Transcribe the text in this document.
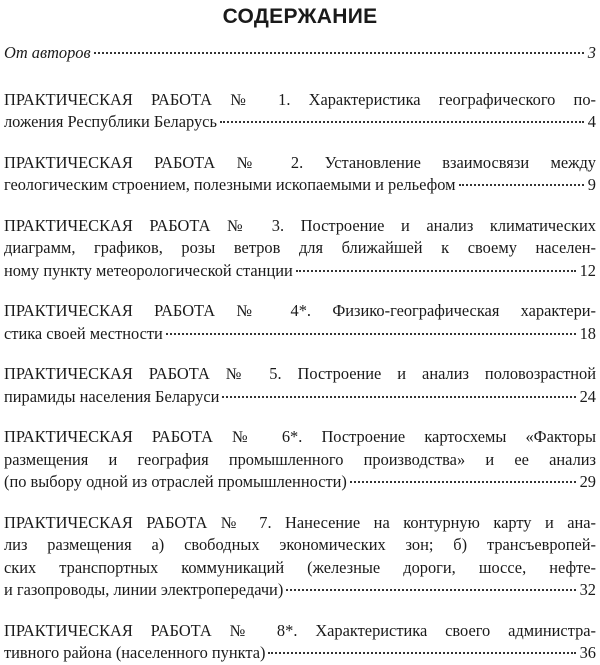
СОДЕРЖАНИЕ
От авторов	3
ПРАКТИЧЕСКАЯ РАБОТА № 1. Характеристика географического по-
ложения Республики Беларусь	4
ПРАКТИЧЕСКАЯ РАБОТА № 2. Установление взаимосвязи между
геологическим строением, полезными ископаемыми и рельефом	9
ПРАКТИЧЕСКАЯ РАБОТА № 3. Построение и анализ климатических
диаграмм, графиков, розы ветров для ближайшей к своему населен-
ному пункту метеорологической станции	12
ПРАКТИЧЕСКАЯ РАБОТА № 4*. Физико-географическая характери-
стика своей местности	18
ПРАКТИЧЕСКАЯ РАБОТА № 5. Построение и анализ половозрастной
пирамиды населения Беларуси	24
ПРАКТИЧЕСКАЯ РАБОТА № 6*. Построение картосхемы «Факторы
размещения и география промышленного производства» и ее анализ
(по выбору одной из отраслей промышленности)	29
ПРАКТИЧЕСКАЯ РАБОТА № 7. Нанесение на контурную карту и ана-
лиз размещения а) свободных экономических зон; б) трансъевропей-
ских транспортных коммуникаций (железные дороги, шоссе, нефте-
и газопроводы, линии электропередачи)	32
ПРАКТИЧЕСКАЯ РАБОТА № 8*. Характеристика своего администра-
тивного района (населенного пункта)	36
